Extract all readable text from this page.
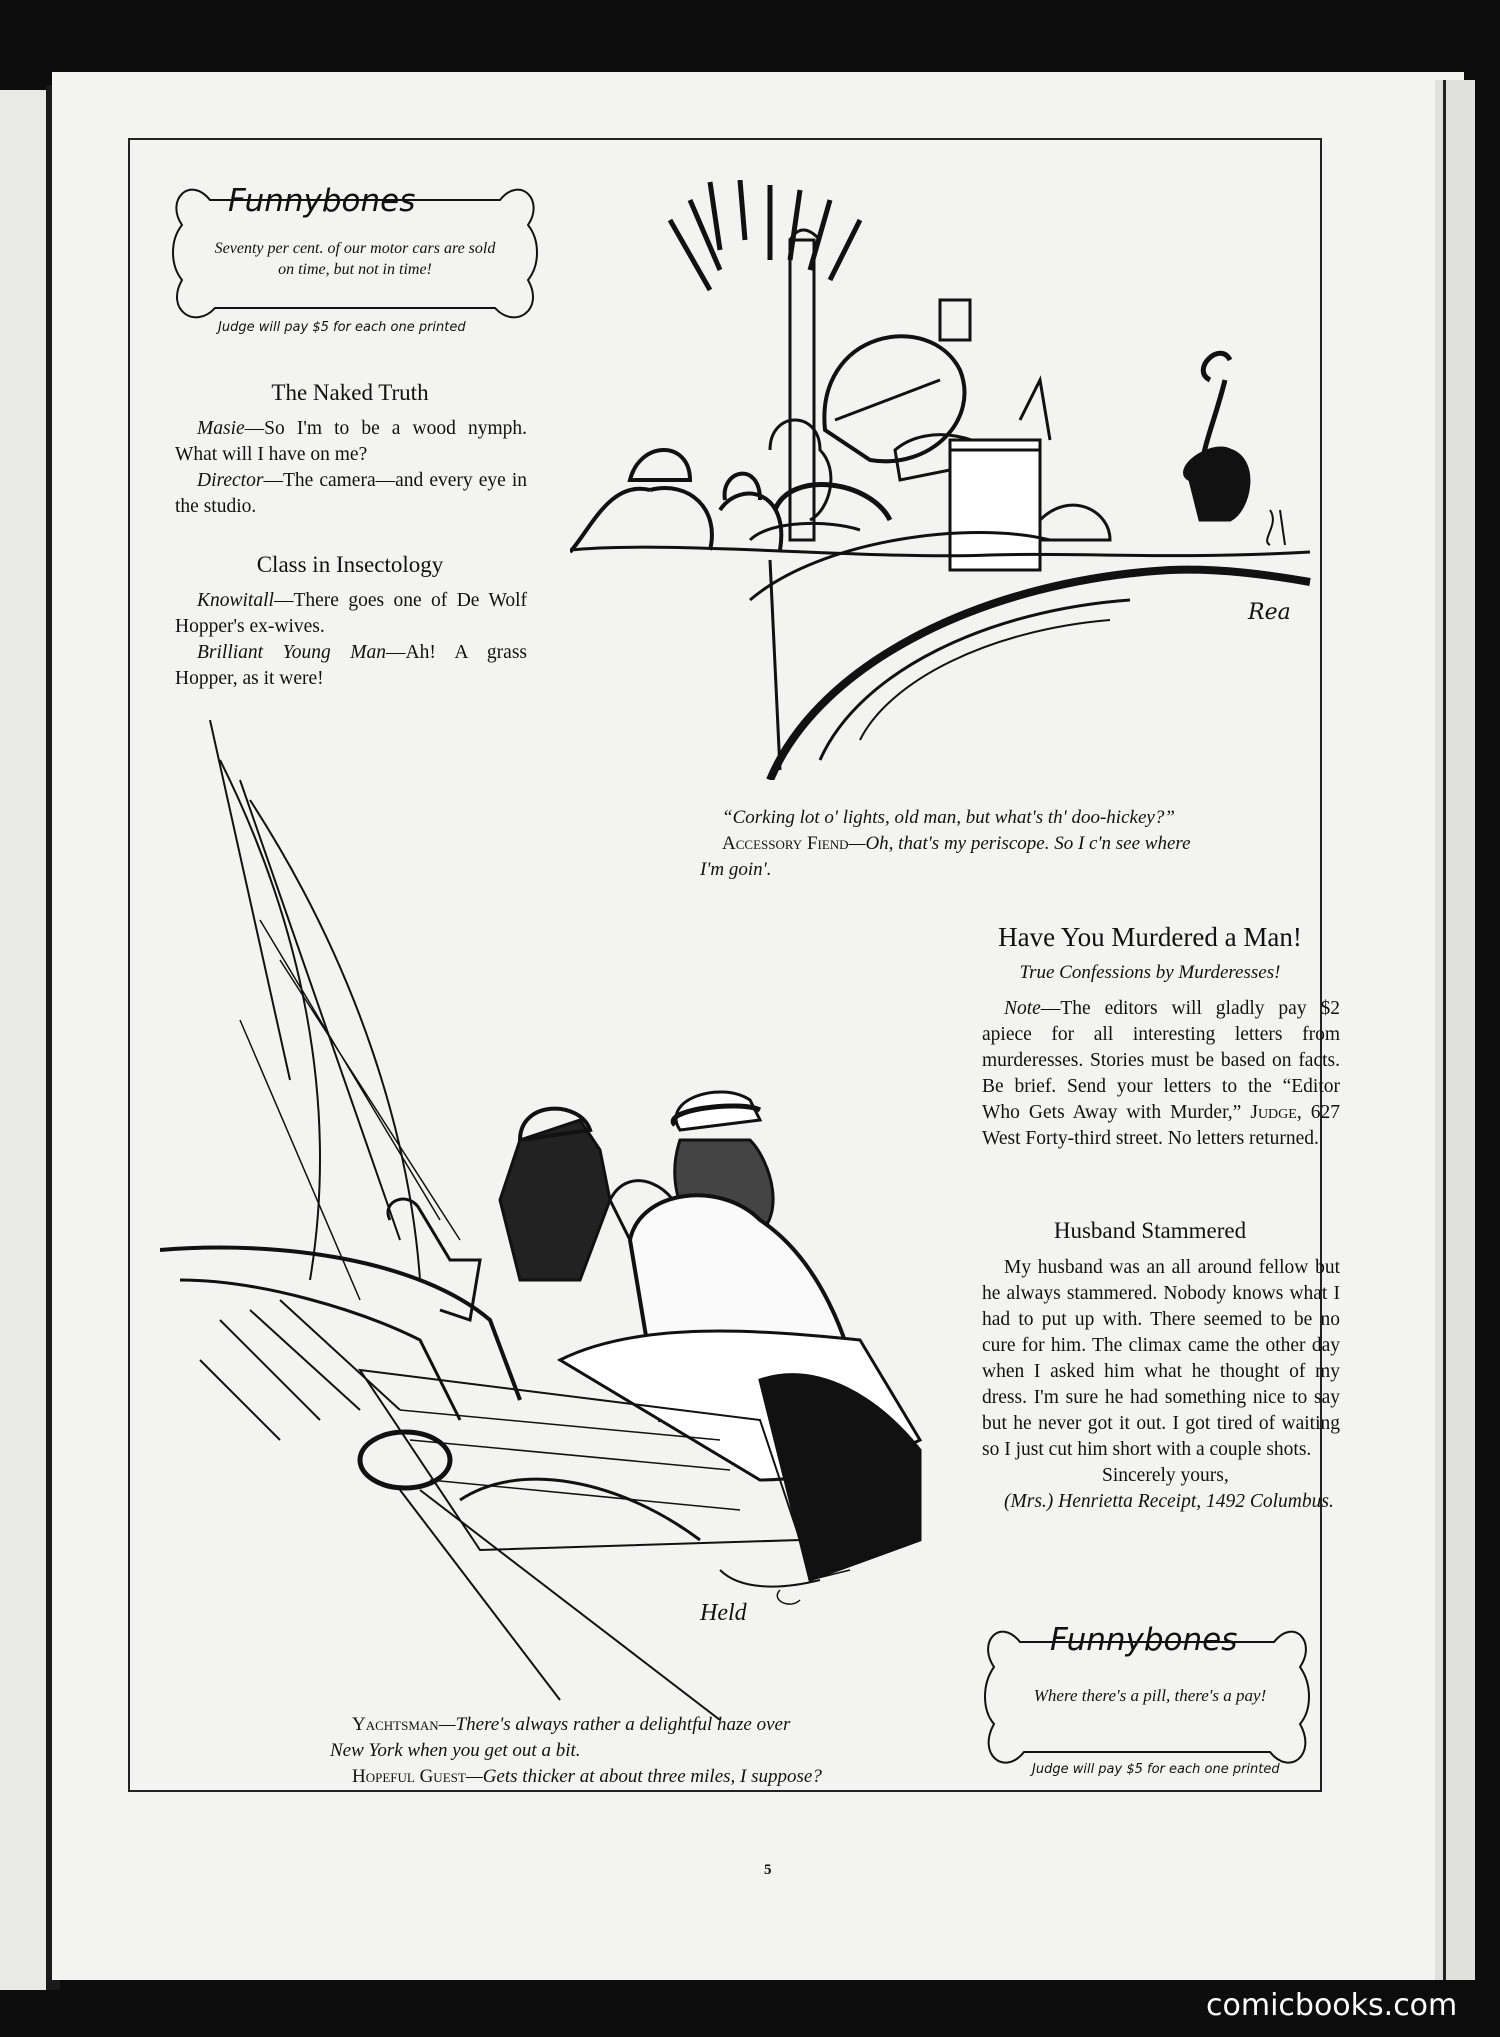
Funnybones
Seventy per cent. of our motor cars are sold on time, but not in time!
Judge will pay $5 for each one printed
The Naked Truth

Masie—So I'm to be a wood nymph. What will I have on me?

Director—The camera—and every eye in the studio.

Class in Insectology

Knowitall—There goes one of De Wolf Hopper's ex-wives.

Brilliant Young Man—Ah! A grass Hopper, as it were!

Rea

“Corking lot o' lights, old man, but what's th' doo-hickey?”

Accessory Fiend—Oh, that's my periscope. So I c'n see where I'm goin'.

Have You Murdered a Man!
True Confessions by Murderesses!

Note—The editors will gladly pay $2 apiece for all interesting letters from murderesses. Stories must be based on facts. Be brief. Send your letters to the “Editor Who Gets Away with Murder,” Judge, 627 West Forty-third street. No letters returned.

Husband Stammered

My husband was an all around fellow but he always stammered. Nobody knows what I had to put up with. There seemed to be no cure for him. The climax came the other day when I asked him what he thought of my dress. I'm sure he had something nice to say but he never got it out. I got tired of waiting so I just cut him short with a couple shots.

Sincerely yours,

(Mrs.) Henrietta Receipt, 1492 Columbus.

Funnybones
Where there's a pill, there's a pay!
Judge will pay $5 for each one printed
Held

Yachtsman—There's always rather a delightful haze over New York when you get out a bit.

Hopeful Guest—Gets thicker at about three miles, I suppose?

5
comicbooks.com
